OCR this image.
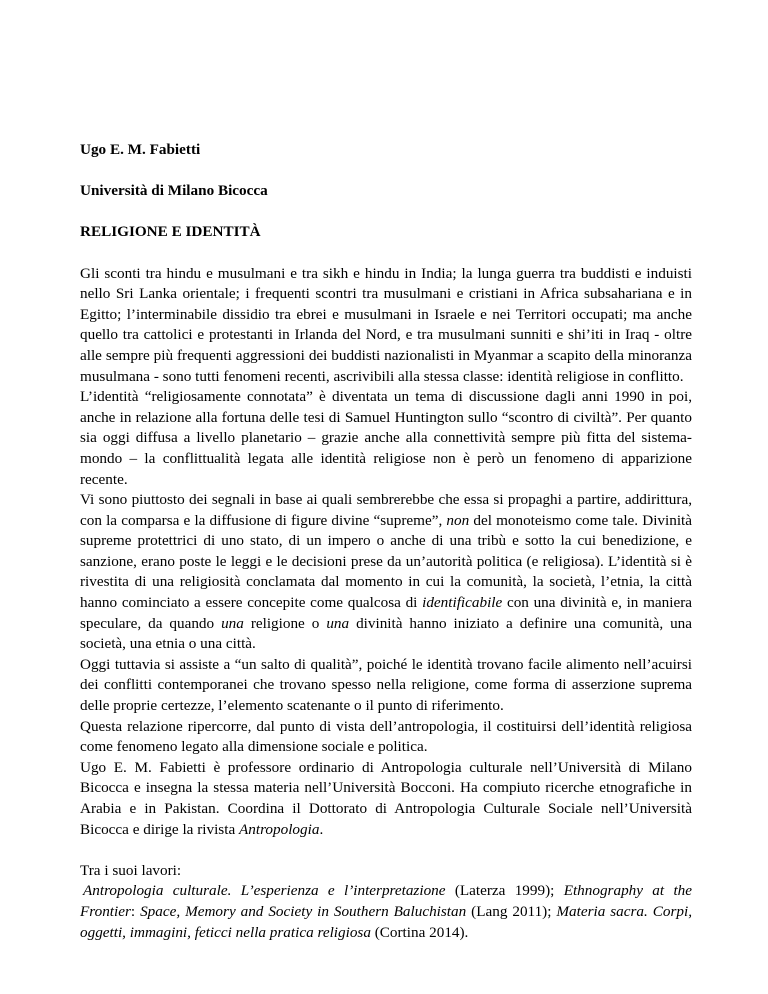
Ugo E. M. Fabietti

Università di Milano Bicocca

RELIGIONE E IDENTITÀ

Gli sconti tra hindu e musulmani e tra sikh e hindu in India; la lunga guerra tra buddisti e induisti nello Sri Lanka orientale; i frequenti scontri tra musulmani e cristiani in Africa subsahariana e in Egitto; l’interminabile dissidio tra ebrei e musulmani in Israele e nei Territori occupati; ma anche quello tra cattolici e protestanti in Irlanda del Nord, e tra musulmani sunniti e shi’iti in Iraq - oltre alle sempre più frequenti aggressioni dei buddisti nazionalisti in Myanmar a scapito della minoranza musulmana - sono tutti fenomeni recenti, ascrivibili alla stessa classe: identità religiose in conflitto.

L’identità “religiosamente connotata” è diventata un tema di discussione dagli anni 1990 in poi, anche in relazione alla fortuna delle tesi di Samuel Huntington sullo “scontro di civiltà”. Per quanto sia oggi diffusa a livello planetario – grazie anche alla connettività sempre più fitta del sistema-mondo – la conflittualità legata alle identità religiose non è però un fenomeno di apparizione recente.

Vi sono piuttosto dei segnali in base ai quali sembrerebbe che essa si propaghi a partire, addirittura, con la comparsa e la diffusione di figure divine “supreme”, non del monoteismo come tale. Divinità supreme protettrici di uno stato, di un impero o anche di una tribù e sotto la cui benedizione, e sanzione, erano poste le leggi e le decisioni prese da un’autorità politica (e religiosa). L’identità si è rivestita di una religiosità conclamata dal momento in cui la comunità, la società, l’etnia, la città hanno cominciato a essere concepite come qualcosa di identificabile con una divinità e, in maniera speculare, da quando una religione o una divinità hanno iniziato a definire una comunità, una società, una etnia o una città.

Oggi tuttavia si assiste a “un salto di qualità”, poiché le identità trovano facile alimento nell’acuirsi dei conflitti contemporanei che trovano spesso nella religione, come forma di asserzione suprema delle proprie certezze, l’elemento scatenante o il punto di riferimento.

Questa relazione ripercorre, dal punto di vista dell’antropologia, il costituirsi dell’identità religiosa come fenomeno legato alla dimensione sociale e politica.

Ugo E. M. Fabietti è professore ordinario di Antropologia culturale nell’Università di Milano Bicocca e insegna la stessa materia nell’Università Bocconi. Ha compiuto ricerche etnografiche in Arabia e in Pakistan. Coordina il Dottorato di Antropologia Culturale Sociale nell’Università Bicocca e dirige la rivista Antropologia.

Tra i suoi lavori:

Antropologia culturale. L’esperienza e l’interpretazione (Laterza 1999); Ethnography at the Frontier: Space, Memory and Society in Southern Baluchistan (Lang 2011); Materia sacra. Corpi, oggetti, immagini, feticci nella pratica religiosa (Cortina 2014).
